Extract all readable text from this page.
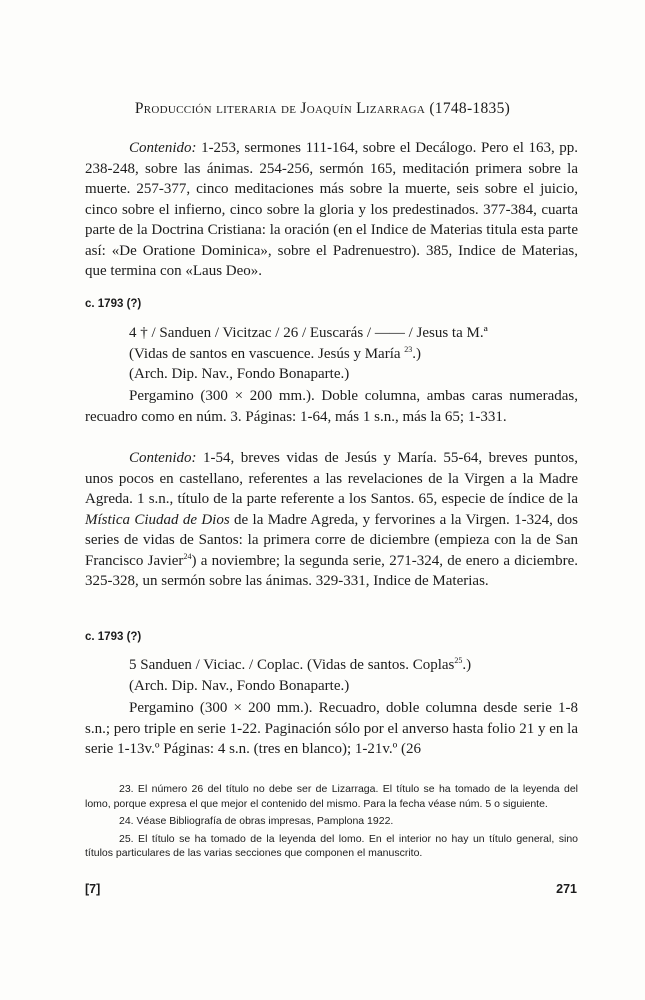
Producción literaria de Joaquín Lizarraga (1748-1835)

Contenido: 1-253, sermones 111-164, sobre el Decálogo. Pero el 163, pp. 238-248, sobre las ánimas. 254-256, sermón 165, meditación primera sobre la muerte. 257-377, cinco meditaciones más sobre la muerte, seis sobre el juicio, cinco sobre el infierno, cinco sobre la gloria y los predestinados. 377-384, cuarta parte de la Doctrina Cristiana: la oración (en el Indice de Materias titula esta parte así: «De Oratione Dominica», sobre el Padrenuestro). 385, Indice de Materias, que termina con «Laus Deo».

c. 1793 (?)

4 † / Sanduen / Vicitzac / 26 / Euscarás / —— / Jesus ta M.ª

(Vidas de santos en vascuence. Jesús y María $^{23}$.)

(Arch. Dip. Nav., Fondo Bonaparte.)

Pergamino (300 × 200 mm.). Doble columna, ambas caras numeradas, recuadro como en núm. 3. Páginas: 1-64, más 1 s.n., más la 65; 1-331.

Contenido: 1-54, breves vidas de Jesús y María. 55-64, breves puntos, unos pocos en castellano, referentes a las revelaciones de la Virgen a la Madre Agreda. 1 s.n., título de la parte referente a los Santos. 65, especie de índice de la Mística Ciudad de Dios de la Madre Agreda, y fervorines a la Virgen. 1-324, dos series de vidas de Santos: la primera corre de diciembre (empieza con la de San Francisco Javier$^{24}$) a noviembre; la segunda serie, 271-324, de enero a diciembre. 325-328, un sermón sobre las ánimas. 329-331, Indice de Materias.

c. 1793 (?)

5 Sanduen / Viciac. / Coplac. (Vidas de santos. Coplas$^{25}$.)

(Arch. Dip. Nav., Fondo Bonaparte.)

Pergamino (300 × 200 mm.). Recuadro, doble columna desde serie 1-8 s.n.; pero triple en serie 1-22. Paginación sólo por el anverso hasta folio 21 y en la serie 1-13v.º Páginas: 4 s.n. (tres en blanco); 1-21v.º (26

23. El número 26 del título no debe ser de Lizarraga. El título se ha tomado de la leyenda del lomo, porque expresa el que mejor el contenido del mismo. Para la fecha véase núm. 5 o siguiente.

24. Véase Bibliografía de obras impresas, Pamplona 1922.

25. El título se ha tomado de la leyenda del lomo. En el interior no hay un título general, sino títulos particulares de las varias secciones que componen el manuscrito.

[7]	271
